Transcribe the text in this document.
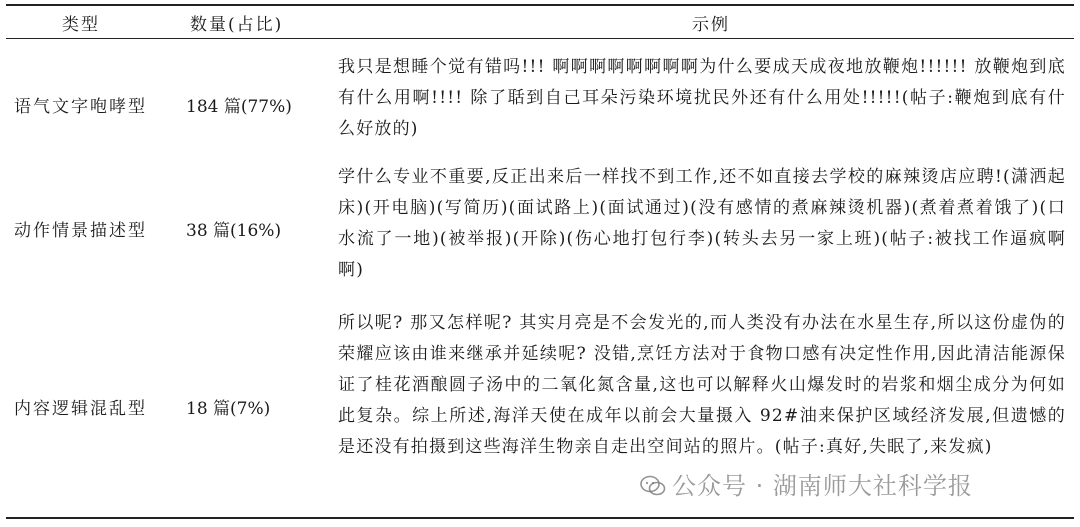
类型	数量(占比)	示例
语气文字咆哮型 184 篇(77%)
我只是想睡个觉有错吗!!! 啊啊啊啊啊啊啊啊为什么要成天成夜地放鞭炮!!!!!! 放鞭炮到底有什么用啊!!!! 除了聒到自己耳朵污染环境扰民外还有什么用处!!!!!(帖子:鞭炮到底有什么好放的)
动作情景描述型 38 篇(16%)
学什么专业不重要,反正出来后一样找不到工作,还不如直接去学校的麻辣烫店应聘!(潇洒起床)(开电脑)(写简历)(面试路上)(面试通过)(没有感情的煮麻辣烫机器)(煮着煮着饿了)(口水流了一地)(被举报)(开除)(伤心地打包行李)(转头去另一家上班)(帖子:被找工作逼疯啊啊)
内容逻辑混乱型 18 篇(7%)
所以呢? 那又怎样呢? 其实月亮是不会发光的,而人类没有办法在水星生存,所以这份虚伪的荣耀应该由谁来继承并延续呢? 没错,烹饪方法对于食物口感有决定性作用,因此清洁能源保证了桂花酒酿圆子汤中的二氧化氮含量,这也可以解释火山爆发时的岩浆和烟尘成分为何如此复杂。综上所述,海洋天使在成年以前会大量摄入 92#油来保护区域经济发展,但遗憾的是还没有拍摄到这些海洋生物亲自走出空间站的照片。(帖子:真好,失眠了,来发疯)
公众号 · 湖南师大社科学报
